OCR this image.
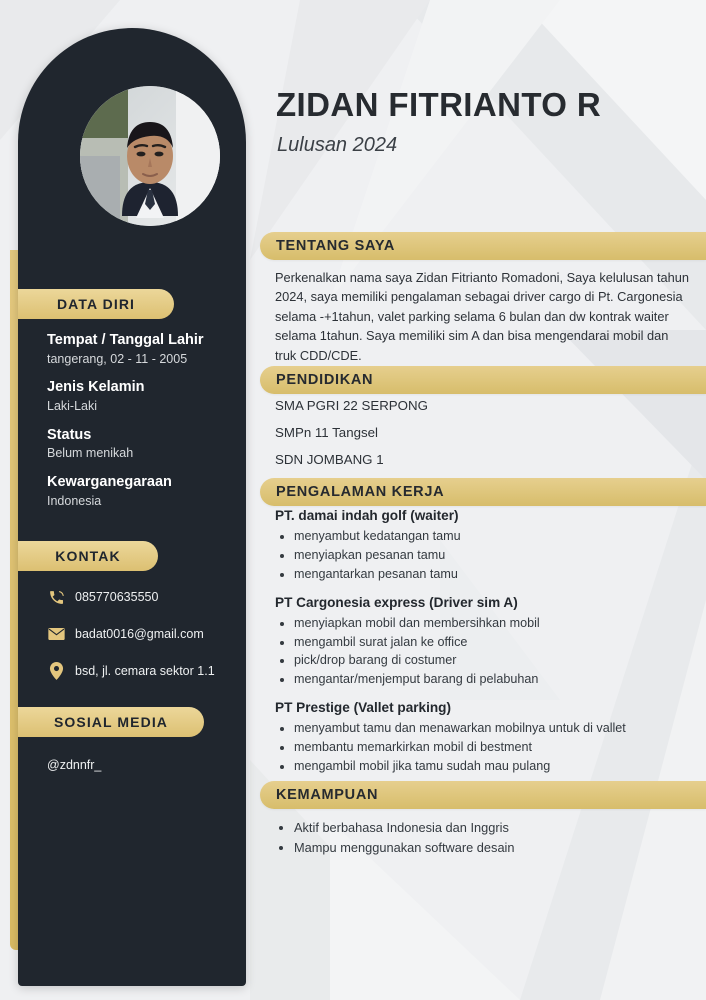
DATA DIRI

Tempat / Tanggal Lahir

tangerang, 02 - 11 - 2005

Jenis Kelamin

Laki-Laki

Status

Belum menikah

Kewarganegaraan

Indonesia

KONTAK
085770635550
badat0016@gmail.com
bsd, jl. cemara sektor 1.1
SOSIAL MEDIA
@zdnnfr_
ZIDAN FITRIANTO R

Lulusan 2024

TENTANG SAYA

Perkenalkan nama saya Zidan Fitrianto Romadoni, Saya kelulusan tahun 2024, saya memiliki pengalaman sebagai driver cargo di Pt. Cargonesia selama -+1tahun, valet parking selama 6 bulan dan dw kontrak waiter selama 1tahun. Saya memiliki sim A dan bisa mengendarai mobil dan truk CDD/CDE.

PENDIDIKAN

SMA PGRI 22 SERPONG

SMPn 11 Tangsel

SDN JOMBANG 1

PENGALAMAN KERJA

PT. damai indah golf (waiter)

• menyambut kedatangan tamu
• menyiapkan pesanan tamu
• mengantarkan pesanan tamu

PT Cargonesia express (Driver sim A)

• menyiapkan mobil dan membersihkan mobil
• mengambil surat jalan ke office
• pick/drop barang di costumer
• mengantar/menjemput barang di pelabuhan

PT Prestige (Vallet parking)

• menyambut tamu dan menawarkan mobilnya untuk di vallet
• membantu memarkirkan mobil di bestment
• mengambil mobil jika tamu sudah mau pulang
KEMAMPUAN
• Aktif berbahasa Indonesia dan Inggris
• Mampu menggunakan software desain
